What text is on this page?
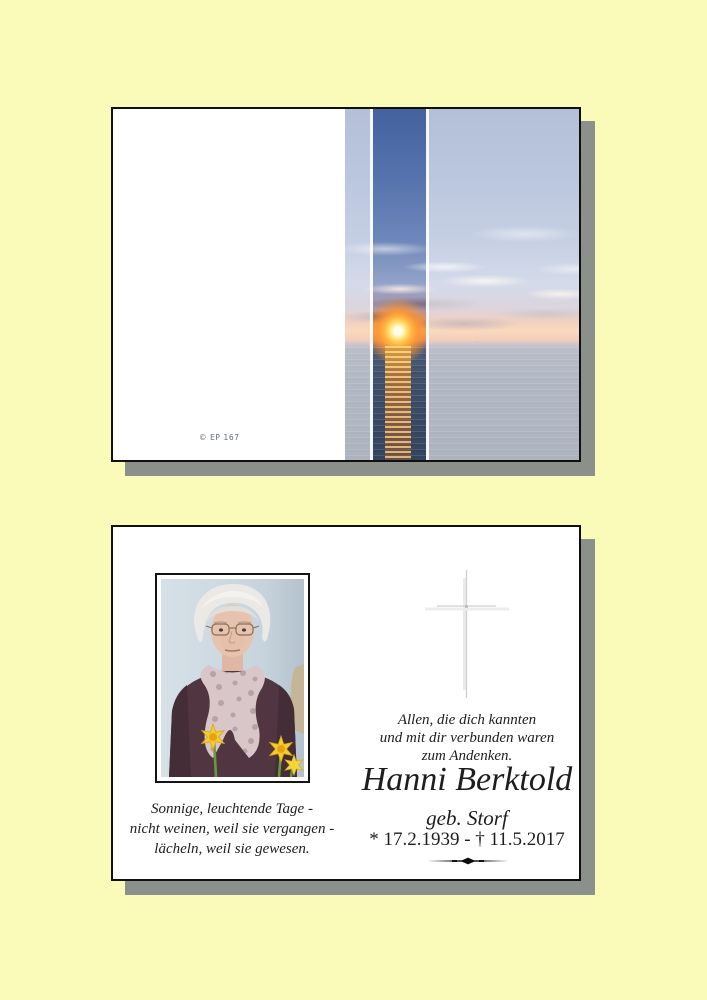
© EP 167
Allen, die dich kannten
und mit dir verbunden waren
zum Andenken.
Hanni Berktold
geb. Storf
* 17.2.1939 - † 11.5.2017
Sonnige, leuchtende Tage -
nicht weinen, weil sie vergangen -
lächeln, weil sie gewesen.
